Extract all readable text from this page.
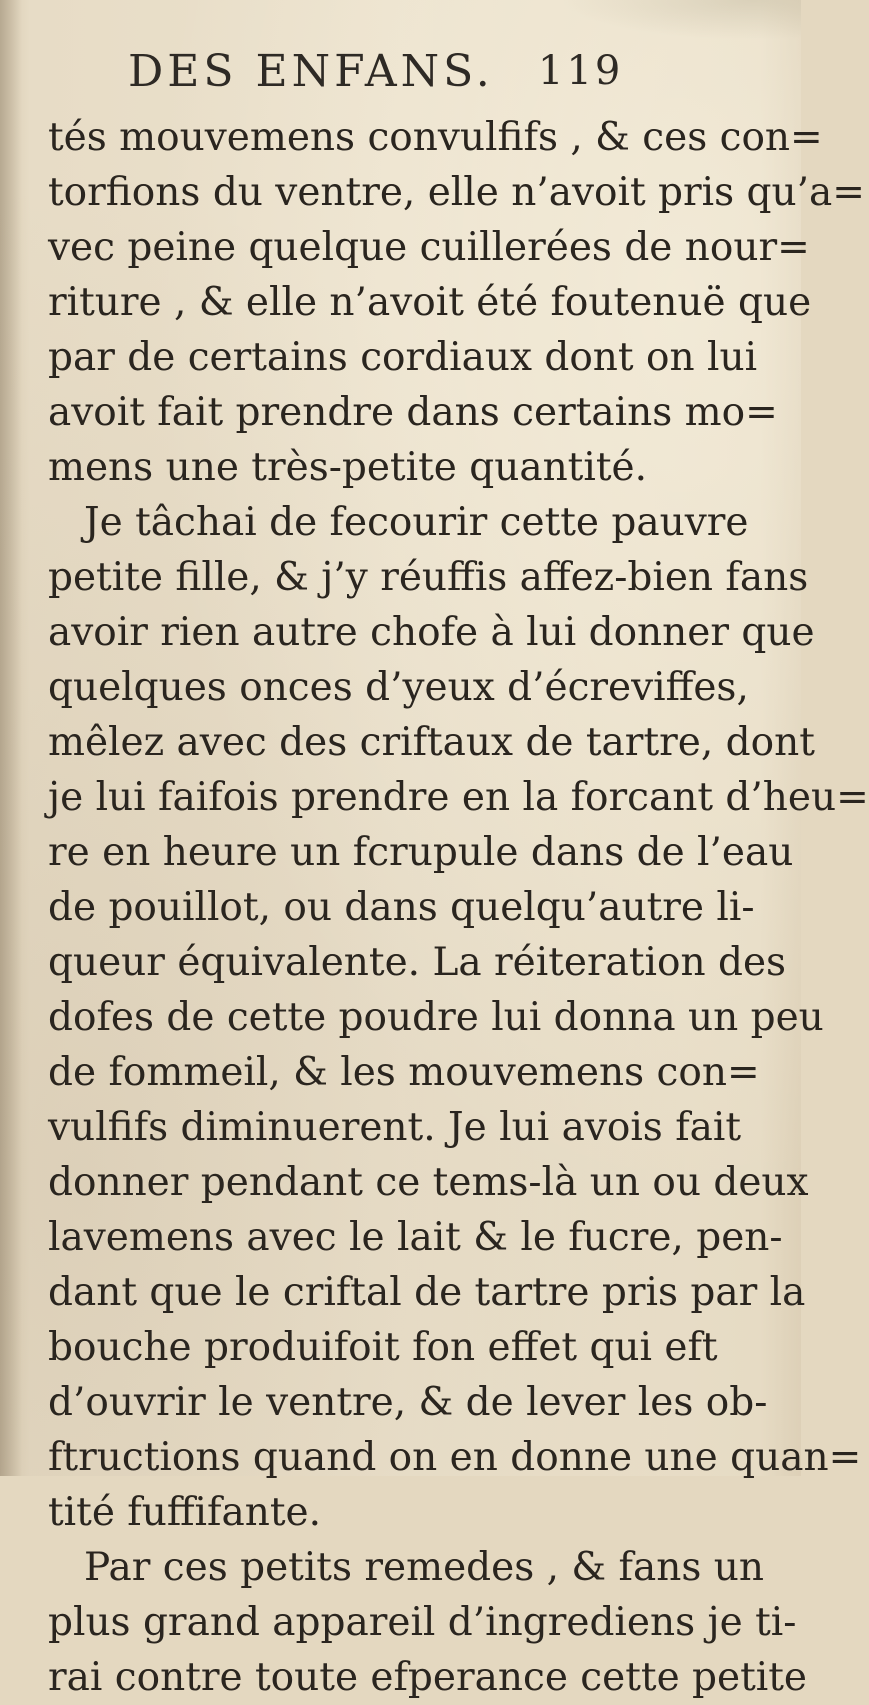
DES ENFANS. 119
tés mouvemens convulfifs , & ces con=
torfions du ventre, elle n’avoit pris qu’a=
vec peine quelque cuillerées de nour=
riture , & elle n’avoit été foutenuë que
par de certains cordiaux dont on lui
avoit fait prendre dans certains mo=
mens une très-petite quantité.
Je tâchai de fecourir cette pauvre
petite fille, & j’y réuffis affez-bien fans
avoir rien autre chofe à lui donner que
quelques onces d’yeux d’écreviffes,
mêlez avec des criftaux de tartre, dont
je lui faifois prendre en la forcant d’heu=
re en heure un fcrupule dans de l’eau
de pouillot, ou dans quelqu’autre li-
queur équivalente. La réiteration des
dofes de cette poudre lui donna un peu
de fommeil, & les mouvemens con=
vulfifs diminuerent. Je lui avois fait
donner pendant ce tems-là un ou deux
lavemens avec le lait & le fucre, pen-
dant que le criftal de tartre pris par la
bouche produifoit fon effet qui eft
d’ouvrir le ventre, & de lever les ob-
ftructions quand on en donne une quan=
tité fuffifante.
Par ces petits remedes , & fans un
plus grand appareil d’ingrediens je ti-
rai contre toute efperance cette petite
